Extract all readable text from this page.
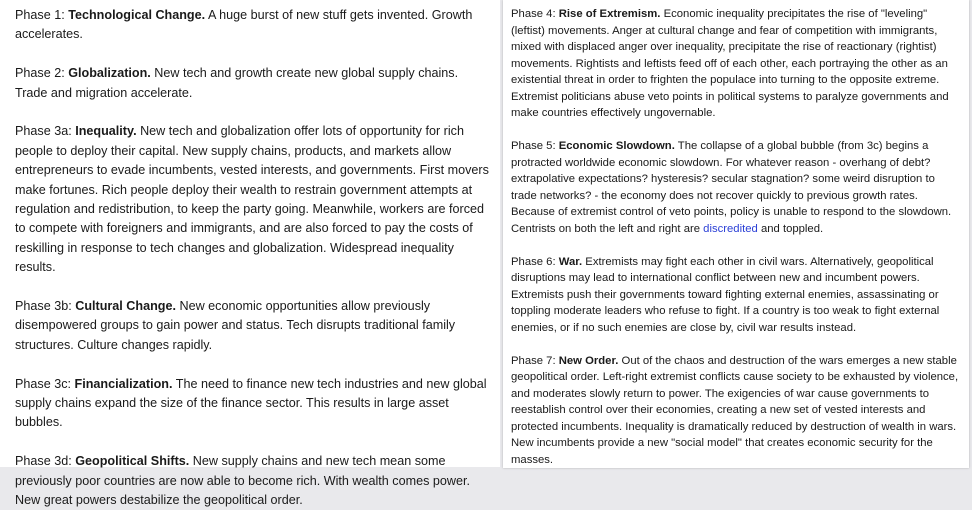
Phase 1: Technological Change. A huge burst of new stuff gets invented. Growth accelerates.

Phase 2: Globalization. New tech and growth create new global supply chains. Trade and migration accelerate.

Phase 3a: Inequality. New tech and globalization offer lots of opportunity for rich people to deploy their capital. New supply chains, products, and markets allow entrepreneurs to evade incumbents, vested interests, and governments. First movers make fortunes. Rich people deploy their wealth to restrain government attempts at regulation and redistribution, to keep the party going. Meanwhile, workers are forced to compete with foreigners and immigrants, and are also forced to pay the costs of reskilling in response to tech changes and globalization. Widespread inequality results.

Phase 3b: Cultural Change. New economic opportunities allow previously disempowered groups to gain power and status. Tech disrupts traditional family structures. Culture changes rapidly.

Phase 3c: Financialization. The need to finance new tech industries and new global supply chains expand the size of the finance sector. This results in large asset bubbles.

Phase 3d: Geopolitical Shifts. New supply chains and new tech mean some previously poor countries are now able to become rich. With wealth comes power. New great powers destabilize the geopolitical order.

Phase 4: Rise of Extremism. Economic inequality precipitates the rise of "leveling" (leftist) movements. Anger at cultural change and fear of competition with immigrants, mixed with displaced anger over inequality, precipitate the rise of reactionary (rightist) movements. Rightists and leftists feed off of each other, each portraying the other as an existential threat in order to frighten the populace into turning to the opposite extreme. Extremist politicians abuse veto points in political systems to paralyze governments and make countries effectively ungovernable.

Phase 5: Economic Slowdown. The collapse of a global bubble (from 3c) begins a protracted worldwide economic slowdown. For whatever reason - overhang of debt? extrapolative expectations? hysteresis? secular stagnation? some weird disruption to trade networks? - the economy does not recover quickly to previous growth rates. Because of extremist control of veto points, policy is unable to respond to the slowdown. Centrists on both the left and right are discredited and toppled.

Phase 6: War. Extremists may fight each other in civil wars. Alternatively, geopolitical disruptions may lead to international conflict between new and incumbent powers. Extremists push their governments toward fighting external enemies, assassinating or toppling moderate leaders who refuse to fight. If a country is too weak to fight external enemies, or if no such enemies are close by, civil war results instead.

Phase 7: New Order. Out of the chaos and destruction of the wars emerges a new stable geopolitical order. Left-right extremist conflicts cause society to be exhausted by violence, and moderates slowly return to power. The exigencies of war cause governments to reestablish control over their economies, creating a new set of vested interests and protected incumbents. Inequality is dramatically reduced by destruction of wealth in wars. New incumbents provide a new "social model" that creates economic security for the masses.
